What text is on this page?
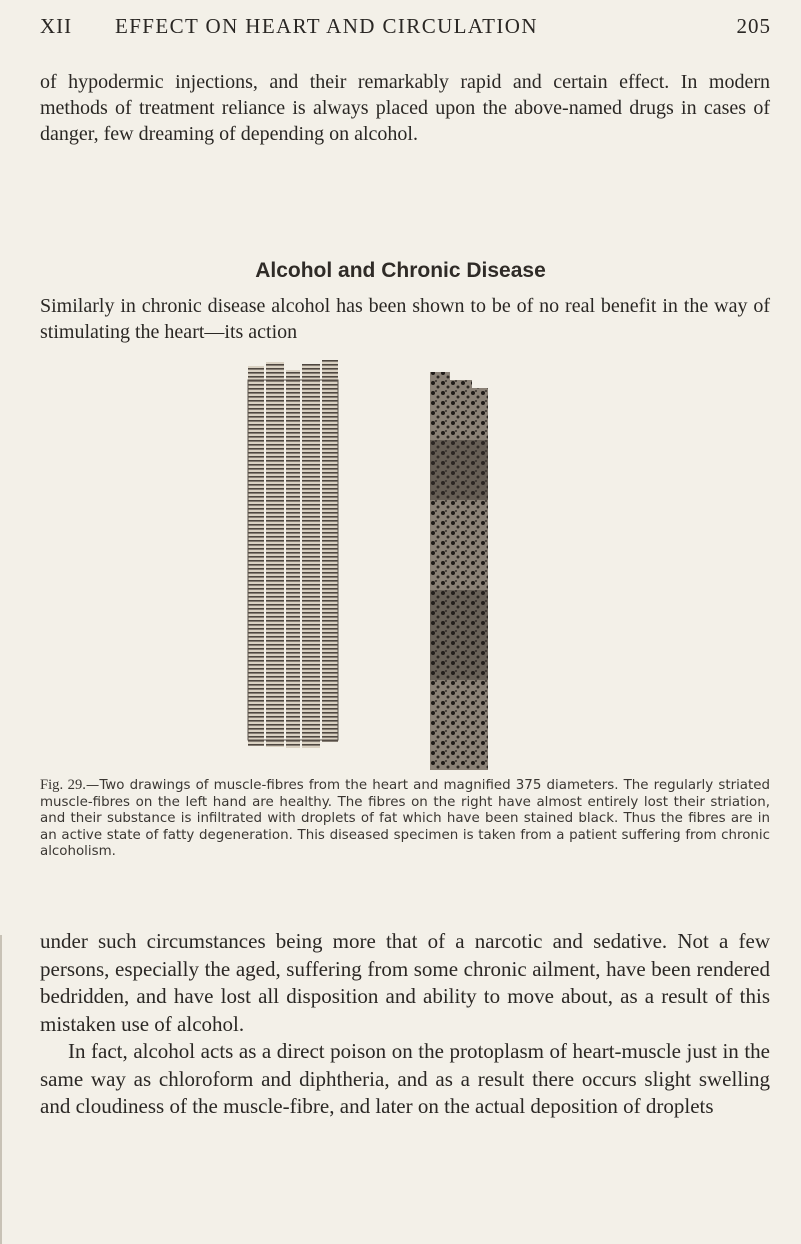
XII EFFECT ON HEART AND CIRCULATION	205

of hypodermic injections, and their remarkably rapid and certain effect. In modern methods of treatment reliance is always placed upon the above-named drugs in cases of danger, few dreaming of depending on alcohol.

Alcohol and Chronic Disease

Similarly in chronic disease alcohol has been shown to be of no real benefit in the way of stimulating the heart—its action

Fig. 29.—Two drawings of muscle-fibres from the heart and magnified 375 diameters. The regularly striated muscle-fibres on the left hand are healthy. The fibres on the right have almost entirely lost their striation, and their substance is infiltrated with droplets of fat which have been stained black. Thus the fibres are in an active state of fatty degeneration. This diseased specimen is taken from a patient suffering from chronic alcoholism.

under such circumstances being more that of a narcotic and sedative. Not a few persons, especially the aged, suffering from some chronic ailment, have been rendered bedridden, and have lost all disposition and ability to move about, as a result of this mistaken use of alcohol.

In fact, alcohol acts as a direct poison on the protoplasm of heart-muscle just in the same way as chloroform and diphtheria, and as a result there occurs slight swelling and cloudiness of the muscle-fibre, and later on the actual deposition of droplets
